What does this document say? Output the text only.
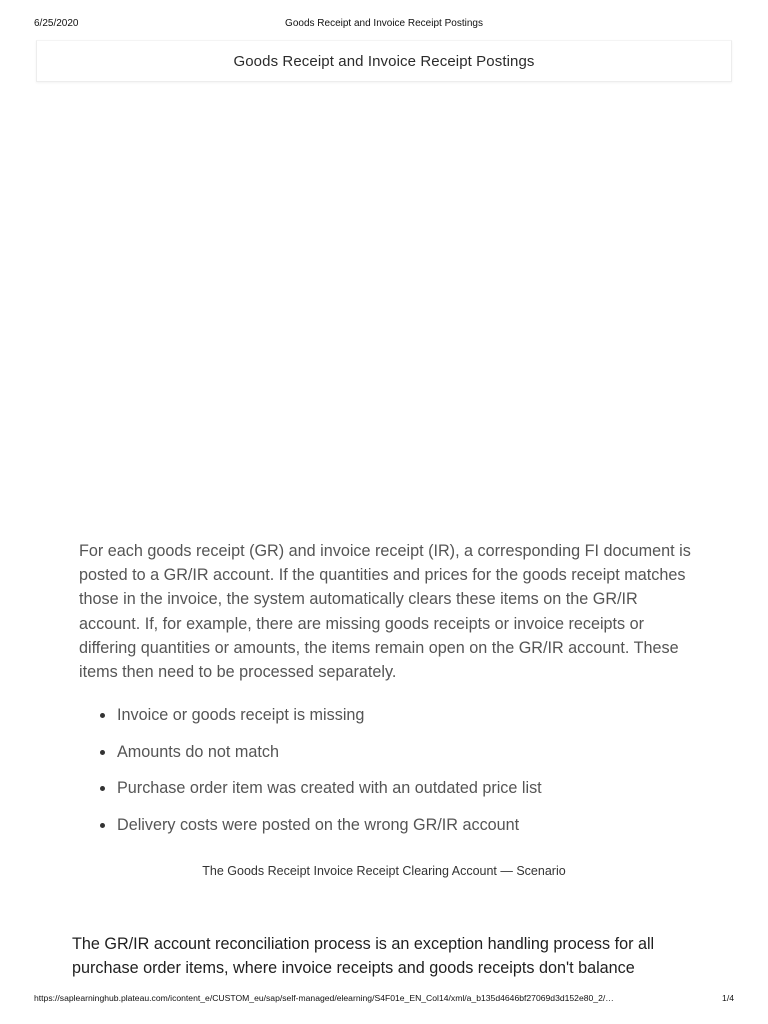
6/25/2020	Goods Receipt and Invoice Receipt Postings
Goods Receipt and Invoice Receipt Postings

For each goods receipt (GR) and invoice receipt (IR), a corresponding FI document is posted to a GR/IR account. If the quantities and prices for the goods receipt matches those in the invoice, the system automatically clears these items on the GR/IR account. If, for example, there are missing goods receipts or invoice receipts or differing quantities or amounts, the items remain open on the GR/IR account. These items then need to be processed separately.

Invoice or goods receipt is missing
Amounts do not match
Purchase order item was created with an outdated price list
Delivery costs were posted on the wrong GR/IR account
The Goods Receipt Invoice Receipt Clearing Account — Scenario

The GR/IR account reconciliation process is an exception handling process for all purchase order items, where invoice receipts and goods receipts don't balance

https://saplearninghub.plateau.com/icontent_e/CUSTOM_eu/sap/self-managed/elearning/S4F01e_EN_Col14/xml/a_b135d4646bf27069d3d152e80_2/…	1/4
